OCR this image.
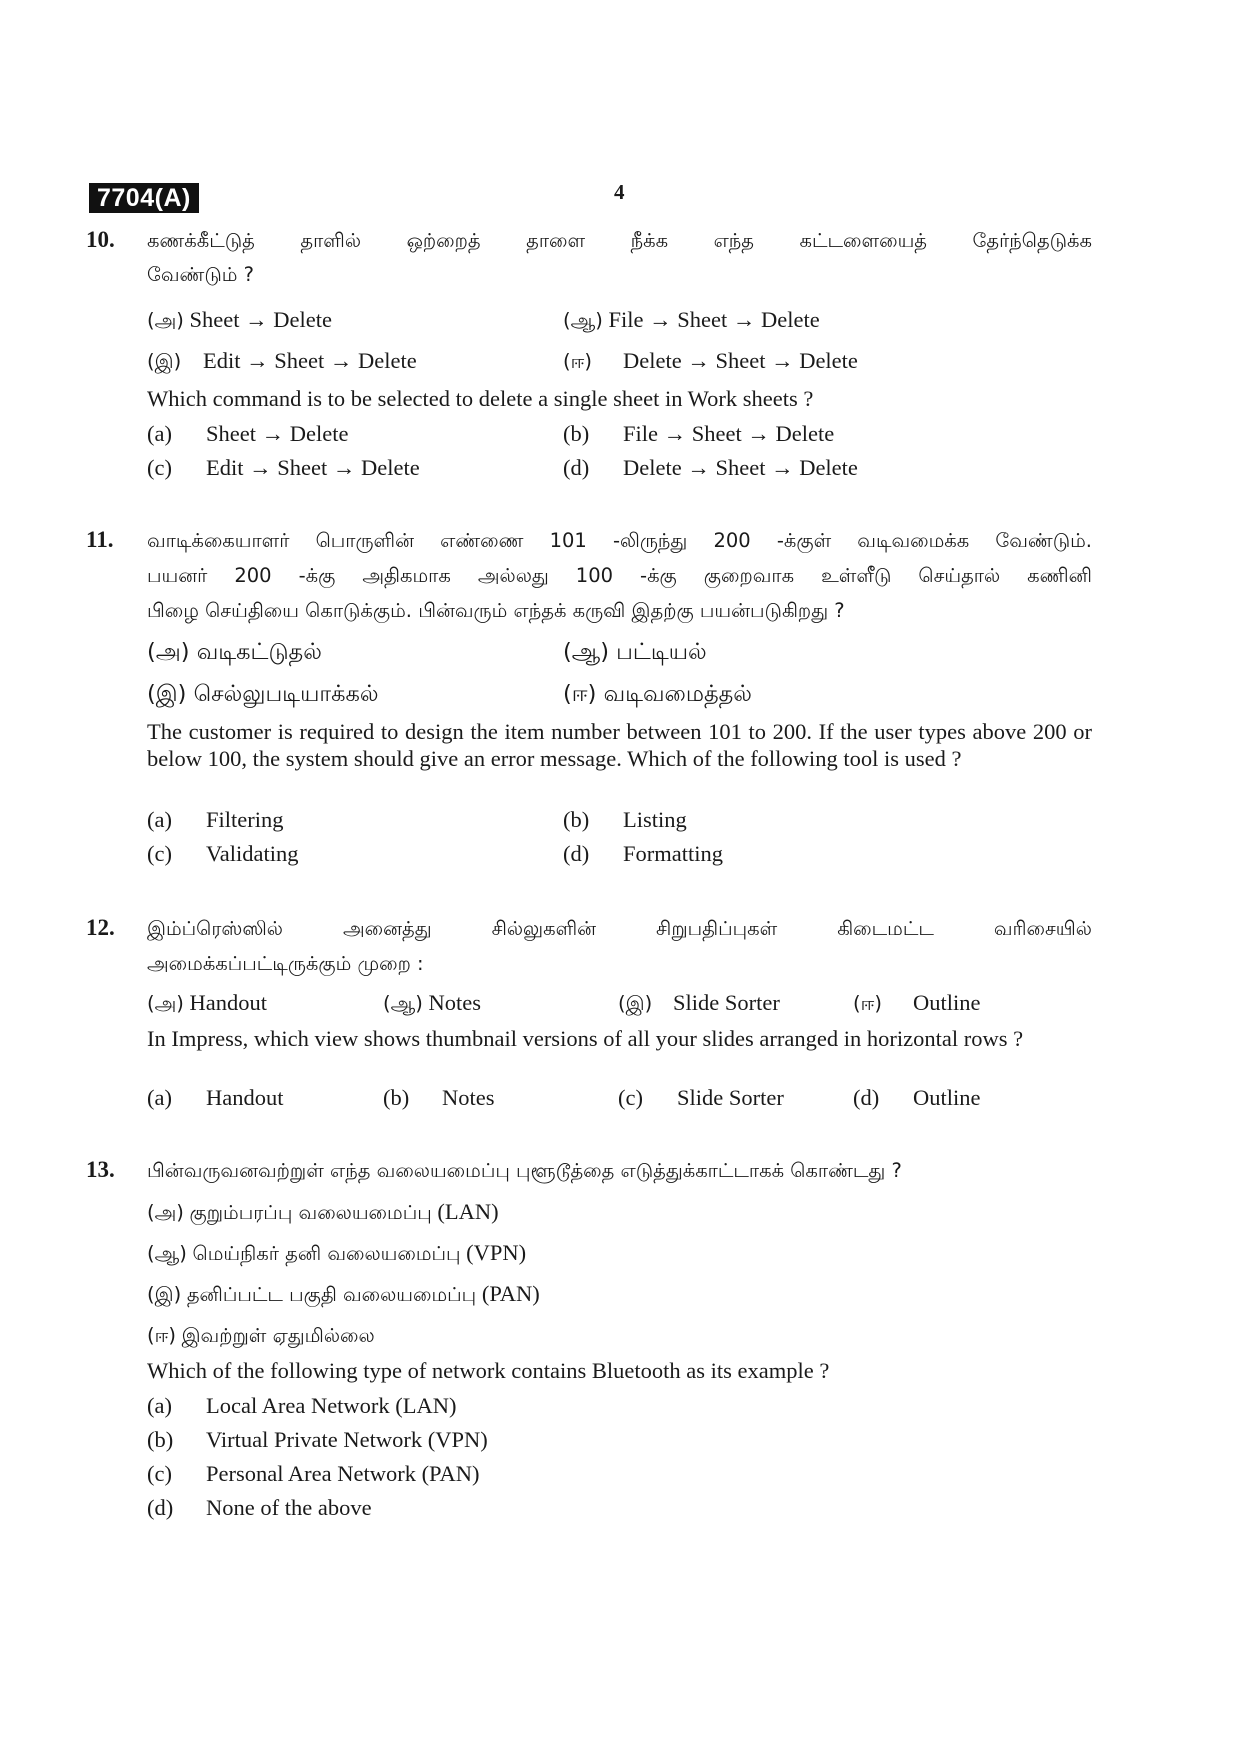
7704(A)	4
10.	கணக்கீட்டுத் தாளில் ஒற்றைத் தாளை நீக்க எந்த கட்டளையைத் தேர்ந்தெடுக்க
வேண்டும் ?
(அ) Sheet → Delete	(ஆ) File → Sheet → Delete
(இ) Edit → Sheet → Delete	(ஈ) Delete → Sheet → Delete
Which command is to be selected to delete a single sheet in Work sheets ?
(a) Sheet → Delete	(b) File → Sheet → Delete
(c) Edit → Sheet → Delete	(d) Delete → Sheet → Delete
11.	வாடிக்கையாளர் பொருளின் எண்ணை 101 -லிருந்து 200 -க்குள் வடிவமைக்க வேண்டும்.
பயனர் 200 -க்கு அதிகமாக அல்லது 100 -க்கு குறைவாக உள்ளீடு செய்தால் கணினி
பிழை செய்தியை கொடுக்கும். பின்வரும் எந்தக் கருவி இதற்கு பயன்படுகிறது ?
(அ) வடிகட்டுதல்	(ஆ) பட்டியல்
(இ) செல்லுபடியாக்கல்	(ஈ) வடிவமைத்தல்
The customer is required to design the item number between 101 to 200. If the user types above 200 or below 100, the system should give an error message. Which of the following tool is used ?
(a) Filtering	(b) Listing
(c) Validating	(d) Formatting
12.	இம்ப்ரெஸ்ஸில் அனைத்து சில்லுகளின் சிறுபதிப்புகள் கிடைமட்ட வரிசையில்
அமைக்கப்பட்டிருக்கும் முறை :
(அ) Handout	(ஆ) Notes	(இ) Slide Sorter	(ஈ) Outline
In Impress, which view shows thumbnail versions of all your slides arranged in horizontal rows ?
(a) Handout	(b) Notes	(c) Slide Sorter	(d) Outline
13.	பின்வருவனவற்றுள் எந்த வலையமைப்பு புளூடூத்தை எடுத்துக்காட்டாகக் கொண்டது ?
(அ) குறும்பரப்பு வலையமைப்பு (LAN)
(ஆ) மெய்நிகர் தனி வலையமைப்பு (VPN)
(இ) தனிப்பட்ட பகுதி வலையமைப்பு (PAN)
(ஈ) இவற்றுள் ஏதுமில்லை
Which of the following type of network contains Bluetooth as its example ?
(a) Local Area Network (LAN)
(b) Virtual Private Network (VPN)
(c) Personal Area Network (PAN)
(d) None of the above
